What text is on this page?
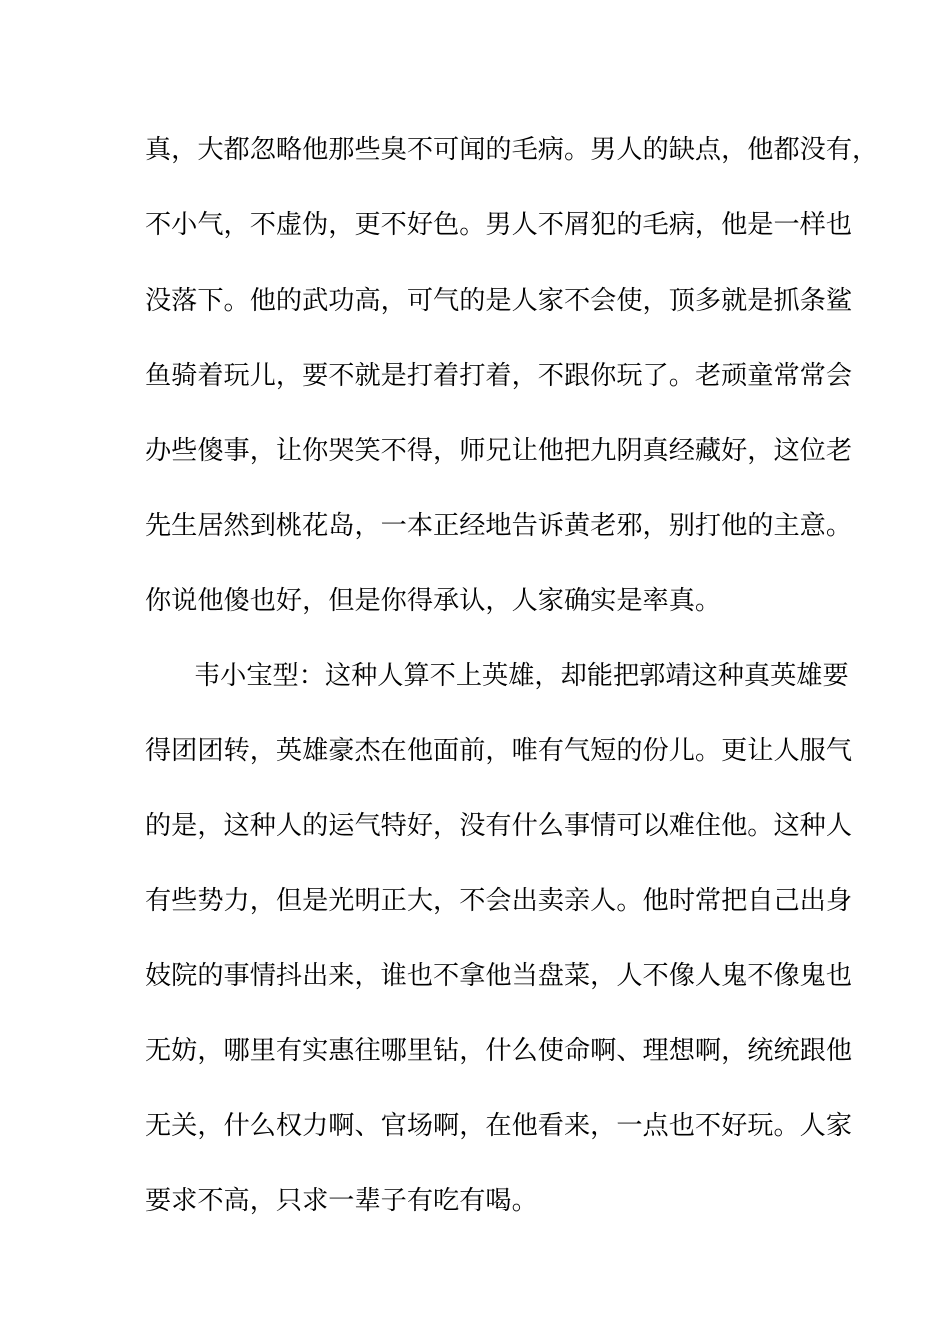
真，大都忽略他那些臭不可闻的毛病。男人的缺点，他都没有，
不小气，不虚伪，更不好色。男人不屑犯的毛病，他是一样也
没落下。他的武功高，可气的是人家不会使，顶多就是抓条鲨
鱼骑着玩儿，要不就是打着打着，不跟你玩了。老顽童常常会
办些傻事，让你哭笑不得，师兄让他把九阴真经藏好，这位老
先生居然到桃花岛，一本正经地告诉黄老邪，别打他的主意。
你说他傻也好，但是你得承认，人家确实是率真。
韦小宝型：这种人算不上英雄，却能把郭靖这种真英雄要
得团团转，英雄豪杰在他面前，唯有气短的份儿。更让人服气
的是，这种人的运气特好，没有什么事情可以难住他。这种人
有些势力，但是光明正大，不会出卖亲人。他时常把自己出身
妓院的事情抖出来，谁也不拿他当盘菜，人不像人鬼不像鬼也
无妨，哪里有实惠往哪里钻，什么使命啊、理想啊，统统跟他
无关，什么权力啊、官场啊，在他看来，一点也不好玩。人家
要求不高，只求一辈子有吃有喝。
